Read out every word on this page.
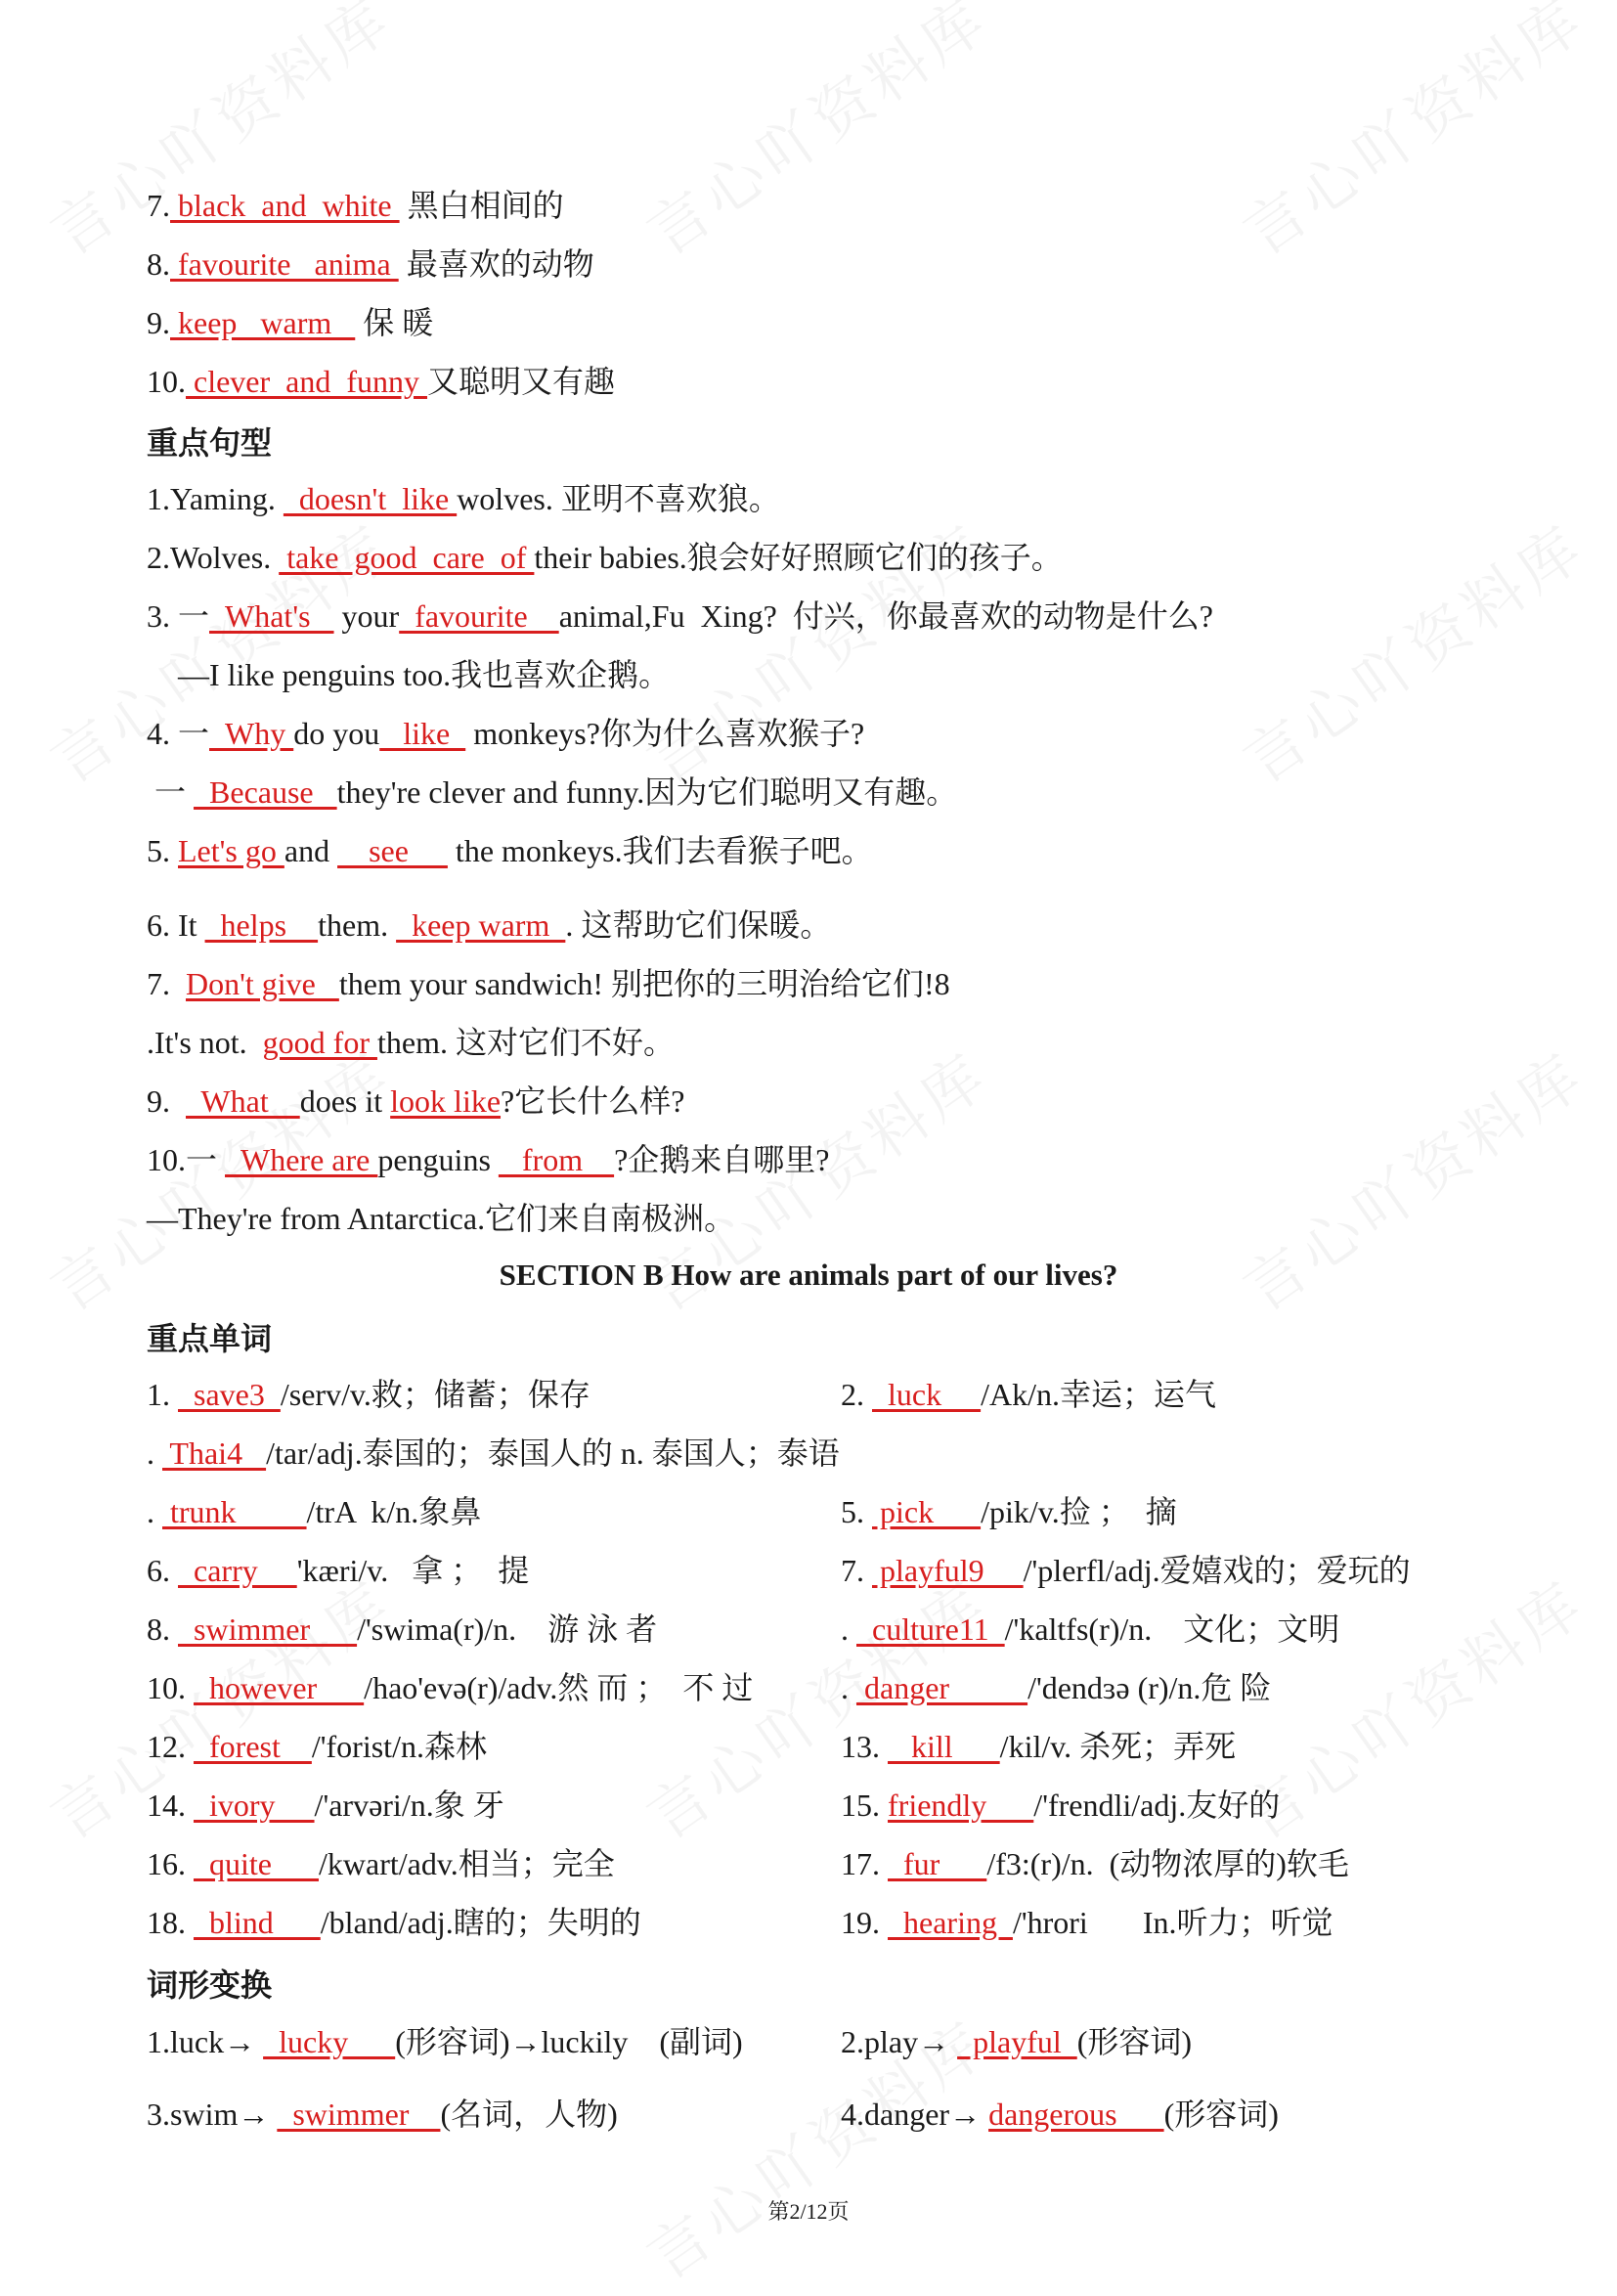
7. black  and  white  黑白相间的
8. favourite   anima  最喜欢的动物
9. keep   warm    保 暖
10. clever  and  funny 又聪明又有趣
重点句型
1.Yaming.   doesn't  like wolves. 亚明不喜欢狼。
2.Wolves.  take  good  care  of their babies.狼会好好照顾它们的孩子。
3. 一  What's    your  favourite    animal,Fu  Xing?  付兴，你最喜欢的动物是什么?
—I like penguins too.我也喜欢企鹅。
4. 一  Why do you   like   monkeys?你为什么喜欢猴子?
一   Because   they're clever and funny.因为它们聪明又有趣。
5. Let's go and     see      the monkeys.我们去看猴子吧。
6. It   helps    them.   keep warm  . 这帮助它们保暖。
7.  Don't give   them your sandwich! 别把你的三明治给它们!8
.It's not.  good for them. 这对它们不好。
9.    What    does it look like?它长什么样?
10.一   Where are penguins    from    ?企鹅来自哪里?
—They're from Antarctica.它们来自南极洲。
SECTION B How are animals part of our lives?
重点单词
1.   save3  /serv/v.救；储蓄；保存
.  Thai4   /tar/adj.泰国的；泰国人的 n. 泰国人；泰语
.  trunk         /trA  k/n.象鼻
6.   carry     'kæri/v.   拿 ；  提
8.   swimmer      /'swima(r)/n.    游 泳 者
10.   however      /hao'evə(r)/adv.然 而 ；  不 过
12.   forest    /'forist/n.森林
14.   ivory     /'arvəri/n.象 牙
16.   quite      /kwart/adv.相当；完全
18.   blind      /bland/adj.瞎的；失明的
2.   luck     /Ak/n.幸运；运气
5.  pick      /pik/v.捡 ；  摘
7.  playful9     /'plerfl/adj.爱嬉戏的；爱玩的
.   culture11  /'kaltfs(r)/n.    文化；文明
.  danger          /'dendɜə (r)/n.危 险
13.    kill      /kil/v. 杀死；弄死
15. friendly      /'frendli/adj.友好的
17.   fur      /f3:(r)/n.  (动物浓厚的)软毛
19.   hearing  /'hrori       In.听力；听觉
词形变换
1.luck→   lucky      (形容词)→luckily    (副词)	2.play→   playful  (形容词)
3.swim→   swimmer    (名词，人物)	4.danger→ dangerous      (形容词)
第2/12页
